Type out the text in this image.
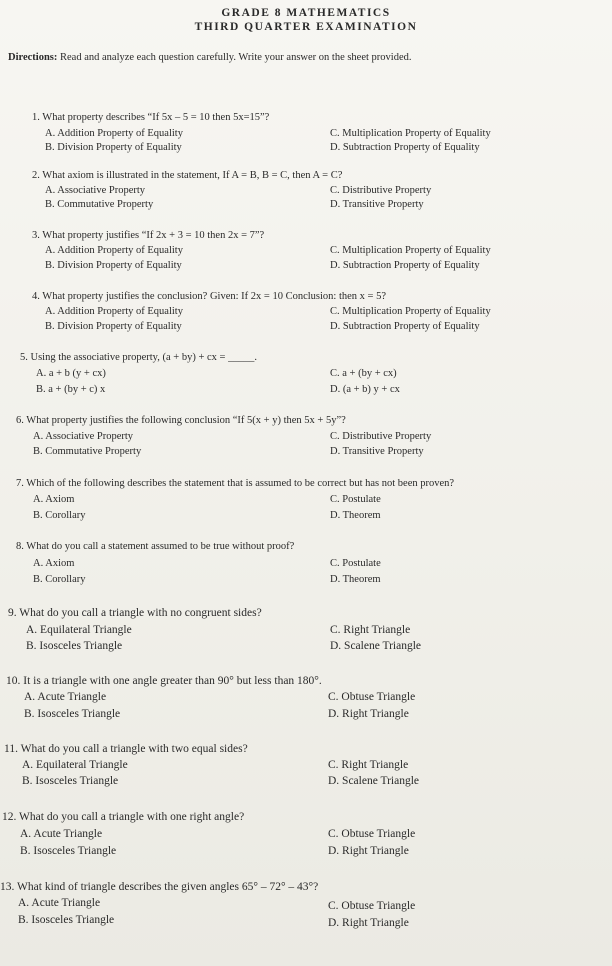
GRADE 8 MATHEMATICS
THIRD QUARTER EXAMINATION
Directions: Read and analyze each question carefully. Write your answer on the sheet provided.
1. What property describes “If 5x – 5 = 10 then 5x=15”?
A. Addition Property of Equality	C. Multiplication Property of Equality
B. Division Property of Equality	D. Subtraction Property of Equality
2. What axiom is illustrated in the statement, If A = B, B = C, then A = C?
A. Associative Property	C. Distributive Property
B. Commutative Property	D. Transitive Property
3. What property justifies “If 2x + 3 = 10 then 2x = 7”?
A. Addition Property of Equality	C. Multiplication Property of Equality
B. Division Property of Equality	D. Subtraction Property of Equality
4. What property justifies the conclusion? Given: If 2x = 10 Conclusion: then x = 5?
A. Addition Property of Equality	C. Multiplication Property of Equality
B. Division Property of Equality	D. Subtraction Property of Equality
5. Using the associative property, (a + by) + cx = _____.
A. a + b (y + cx)	C. a + (by + cx)
B. a + (by + c) x	D. (a + b) y + cx
6. What property justifies the following conclusion “If 5(x + y) then 5x + 5y”?
A. Associative Property	C. Distributive Property
B. Commutative Property	D. Transitive Property
7. Which of the following describes the statement that is assumed to be correct but has not been proven?
A. Axiom	C. Postulate
B. Corollary	D. Theorem
8. What do you call a statement assumed to be true without proof?
A. Axiom	C. Postulate
B. Corollary	D. Theorem
9. What do you call a triangle with no congruent sides?
A. Equilateral Triangle	C. Right Triangle
B. Isosceles Triangle	D. Scalene Triangle
10. It is a triangle with one angle greater than 90° but less than 180°.
A. Acute Triangle	C. Obtuse Triangle
B. Isosceles Triangle	D. Right Triangle
11. What do you call a triangle with two equal sides?
A. Equilateral Triangle	C. Right Triangle
B. Isosceles Triangle	D. Scalene Triangle
12. What do you call a triangle with one right angle?
A. Acute Triangle	C. Obtuse Triangle
B. Isosceles Triangle	D. Right Triangle
13. What kind of triangle describes the given angles 65° – 72° – 43°?
A. Acute Triangle	C. Obtuse Triangle
B. Isosceles Triangle	D. Right Triangle
